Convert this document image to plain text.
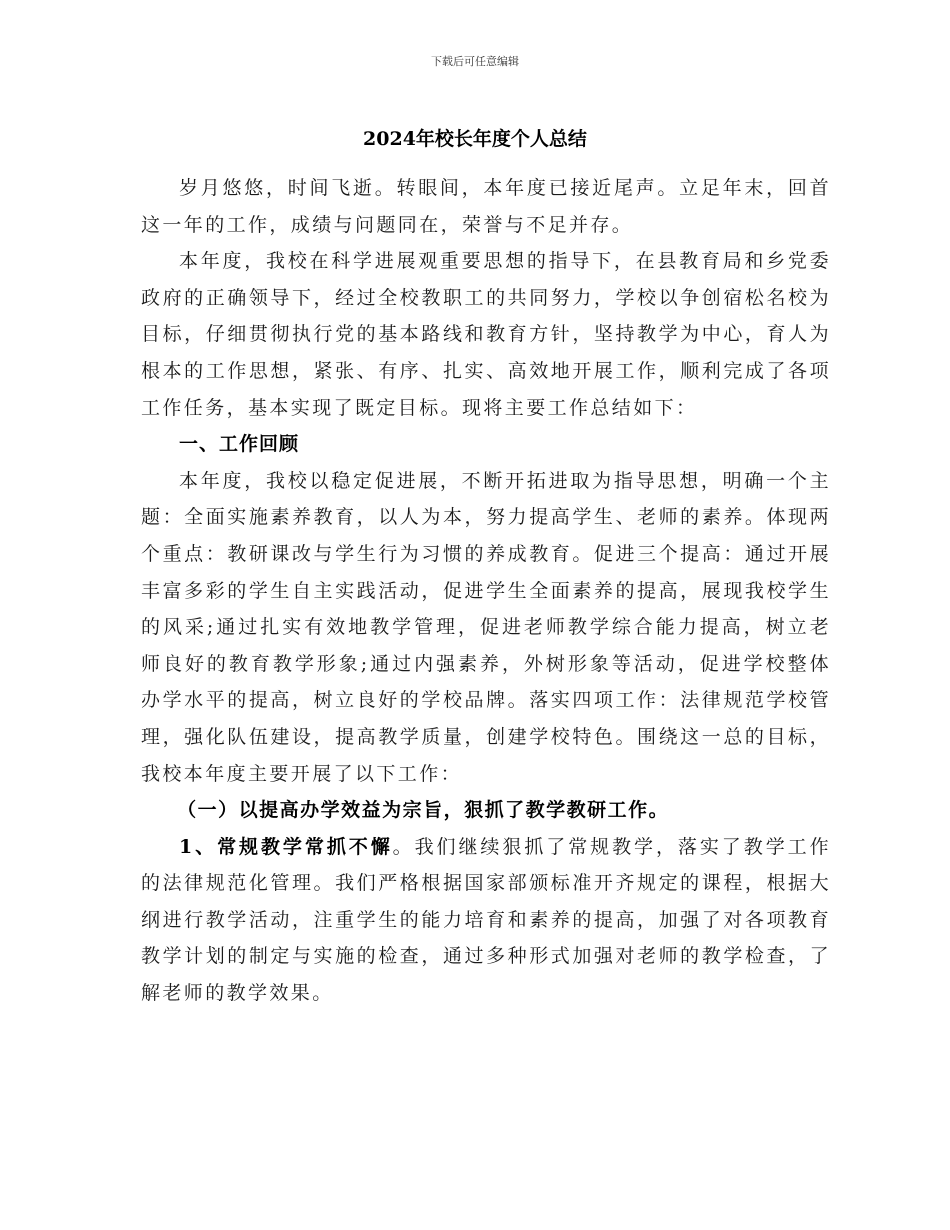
下载后可任意编辑
2024年校长年度个人总结

岁月悠悠，时间飞逝。转眼间，本年度已接近尾声。立足年末，回首这一年的工作，成绩与问题同在，荣誉与不足并存。

本年度，我校在科学进展观重要思想的指导下，在县教育局和乡党委政府的正确领导下，经过全校教职工的共同努力，学校以争创宿松名校为目标，仔细贯彻执行党的基本路线和教育方针，坚持教学为中心，育人为根本的工作思想，紧张、有序、扎实、高效地开展工作，顺利完成了各项工作任务，基本实现了既定目标。现将主要工作总结如下：

一、工作回顾

本年度，我校以稳定促进展，不断开拓进取为指导思想，明确一个主题：全面实施素养教育，以人为本，努力提高学生、老师的素养。体现两个重点：教研课改与学生行为习惯的养成教育。促进三个提高：通过开展丰富多彩的学生自主实践活动，促进学生全面素养的提高，展现我校学生的风采;通过扎实有效地教学管理，促进老师教学综合能力提高，树立老师良好的教育教学形象;通过内强素养，外树形象等活动，促进学校整体办学水平的提高，树立良好的学校品牌。落实四项工作：法律规范学校管理，强化队伍建设，提高教学质量，创建学校特色。围绕这一总的目标，我校本年度主要开展了以下工作：

（一）以提高办学效益为宗旨，狠抓了教学教研工作。

1、常规教学常抓不懈。我们继续狠抓了常规教学，落实了教学工作的法律规范化管理。我们严格根据国家部颁标准开齐规定的课程，根据大纲进行教学活动，注重学生的能力培育和素养的提高，加强了对各项教育教学计划的制定与实施的检查，通过多种形式加强对老师的教学检查，了解老师的教学效果。
